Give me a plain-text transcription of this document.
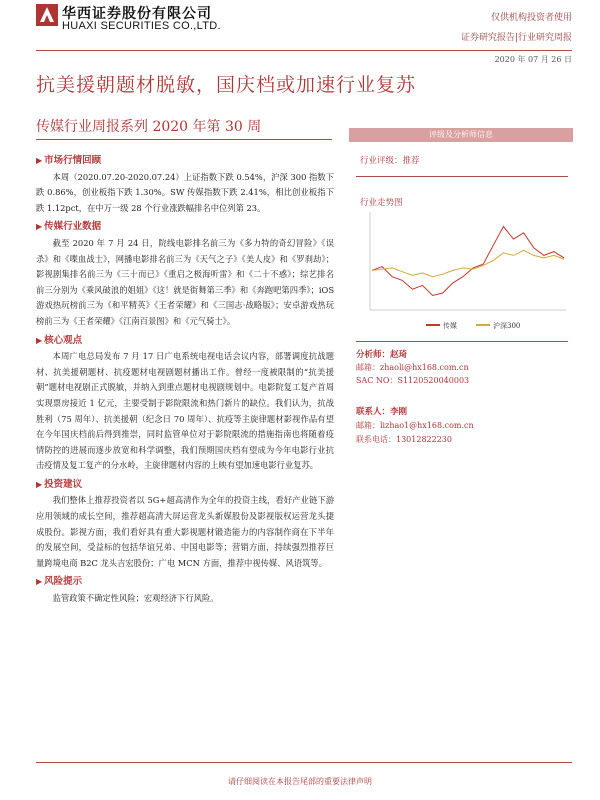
华西证券股份有限公司
HUAXI SECURITIES CO.,LTD.
仅供机构投资者使用
证券研究报告|行业研究周报
2020 年 07 月 26 日
抗美援朝题材脱敏，国庆档或加速行业复苏
传媒行业周报系列 2020 年第 30 周
▶ 市场行情回顾

本周（2020.07.20-2020.07.24）上证指数下跌 0.54%，沪深 300 指数下跌 0.86%，创业板指下跌 1.30%。SW 传媒指数下跌 2.41%，相比创业板指下跌 1.12pct，在中万一级 28 个行业涨跌幅排名中位列第 23。

▶ 传媒行业数据

截至 2020 年 7 月 24 日，院线电影排名前三为《多力特的奇幻冒险》《误杀》和《喋血战士》，网播电影排名前三为《天气之子》《美人皮》和《罗刹劫》；影视剧集排名前三为《三十而已》《重启之极海听雷》和《二十不惑》；综艺排名前三分别为《乘风破浪的姐姐》《这！就是街舞第三季》和《奔跑吧第四季》；iOS 游戏热玩榜前三为《和平精英》《王者荣耀》和《三国志·战略版》；安卓游戏热玩榜前三为《王者荣耀》《江南百景图》和《元气骑士》。

▶ 核心观点

本周广电总局发布 7 月 17 日广电系统电视电话会议内容，部署调度抗战题材、抗美援朝题材、抗疫题材电视剧题材播出工作。曾经一度被限制的“抗美援朝”题材电视剧正式脱敏，并纳入到重点题材电视剧规划中。电影院复工复产首周实现票房接近 1 亿元，主要受制于影院限流和热门新片的缺位。我们认为，抗战胜利（75 周年）、抗美援朝（纪念日 70 周年）、抗疫等主旋律题材影视作品有望在今年国庆档前后得到推崇，同时监管单位对于影院限流的措施指南也将随着疫情防控的进展而逐步放宽和科学调整，我们预期国庆档有望成为今年电影行业抗击疫情及复工复产的分水岭，主旋律题材内容的上映有望加速电影行业复苏。

▶ 投资建议

我们整体上推荐投资者以 5G+超高清作为全年的投资主线，看好产业链下游应用领域的成长空间，推荐超高清大屏运营龙头新媒股份及影视版权运营龙头捷成股份。影视方面，我们看好具有重大影视题材锻造能力的内容制作商在下半年的发展空间，受益标的包括华谊兄弟、中国电影等；营销方面，持续强烈推荐巨量跨境电商 B2C 龙头吉宏股份；广电 MCN 方面，推荐中视传媒、风语筑等。

▶ 风险提示

监管政策不确定性风险；宏观经济下行风险。

评级及分析师信息
行业评级：推荐
行业走势图
传媒	沪深300
分析师：赵琦
邮箱：zhaoli@hx168.com.cn
SAC NO：S1120520040003
联系人：李刚
邮箱：lizhao1@hx168.com.cn
联系电话：13012822230
请仔细阅读在本报告尾部的重要法律声明
